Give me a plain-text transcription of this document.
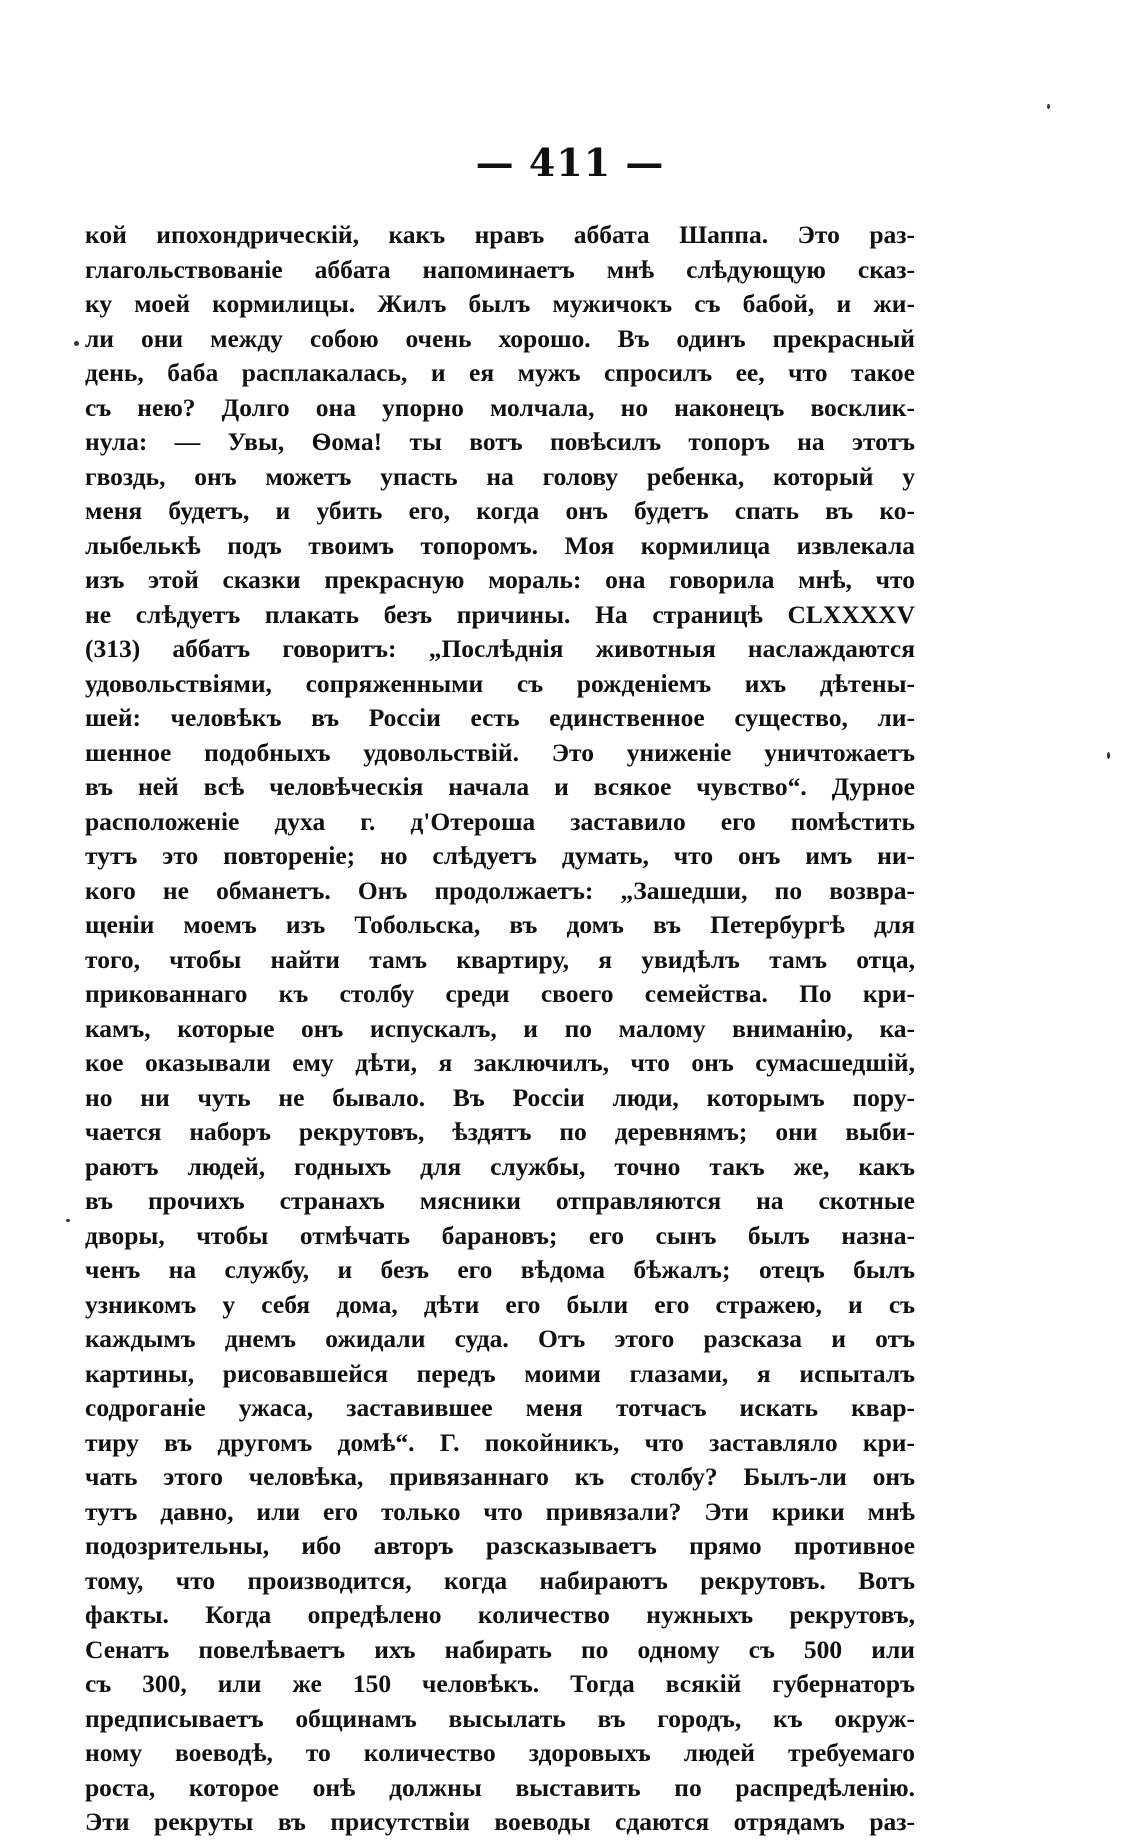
— 411 —
кой ипохондрическій, какъ нравъ аббата Шаппа. Это раз-
глагольствованіе аббата напоминаетъ мнѣ слѣдующую сказ-
ку моей кормилицы. Жилъ былъ мужичокъ съ бабой, и жи-
ли они между собою очень хорошо. Въ одинъ прекрасный
день, баба расплакалась, и ея мужъ спросилъ ее, что такое
съ нею? Долго она упорно молчала, но наконецъ восклик-
нула: — Увы, Ѳома! ты вотъ повѣсилъ топоръ на этотъ
гвоздь, онъ можетъ упасть на голову ребенка, который у
меня будетъ, и убить его, когда онъ будетъ спать въ ко-
лыбелькѣ подъ твоимъ топоромъ. Моя кормилица извлекала
изъ этой сказки прекрасную мораль: она говорила мнѣ, что
не слѣдуетъ плакать безъ причины. На страницѣ CLXXXXV
(313) аббатъ говоритъ: „Послѣднія животныя наслаждаются
удовольствіями, сопряженными съ рожденіемъ ихъ дѣтены-
шей: человѣкъ въ Россіи есть единственное существо, ли-
шенное подобныхъ удовольствій. Это униженіе уничтожаетъ
въ ней всѣ человѣческія начала и всякое чувство“. Дурное
расположеніе духа г. д'Отероша заставило его помѣстить
тутъ это повтореніе; но слѣдуетъ думать, что онъ имъ ни-
кого не обманетъ. Онъ продолжаетъ: „Зашедши, по возвра-
щеніи моемъ изъ Тобольска, въ домъ въ Петербургѣ для
того, чтобы найти тамъ квартиру, я увидѣлъ тамъ отца,
прикованнаго къ столбу среди своего семейства. По кри-
камъ, которые онъ испускалъ, и по малому вниманію, ка-
кое оказывали ему дѣти, я заключилъ, что онъ сумасшедшій,
но ни чуть не бывало. Въ Россіи люди, которымъ пору-
чается наборъ рекрутовъ, ѣздятъ по деревнямъ; они выби-
раютъ людей, годныхъ для службы, точно такъ же, какъ
въ прочихъ странахъ мясники отправляются на скотные
дворы, чтобы отмѣчать барановъ; его сынъ былъ назна-
ченъ на службу, и безъ его вѣдома бѣжалъ; отецъ былъ
узникомъ у себя дома, дѣти его были его стражею, и съ
каждымъ днемъ ожидали суда. Отъ этого разсказа и отъ
картины, рисовавшейся передъ моими глазами, я испыталъ
содроганіе ужаса, заставившее меня тотчасъ искать квар-
тиру въ другомъ домѣ“. Г. покойникъ, что заставляло кри-
чать этого человѣка, привязаннаго къ столбу? Былъ-ли онъ
тутъ давно, или его только что привязали? Эти крики мнѣ
подозрительны, ибо авторъ разсказываетъ прямо противное
тому, что производится, когда набираютъ рекрутовъ. Вотъ
факты. Когда опредѣлено количество нужныхъ рекрутовъ,
Сенатъ повелѣваетъ ихъ набирать по одному съ 500 или
съ 300, или же 150 человѣкъ. Тогда всякій губернаторъ
предписываетъ общинамъ высылать въ городъ, къ окруж-
ному воеводѣ, то количество здоровыхъ людей требуемаго
роста, которое онѣ должны выставить по распредѣленію.
Эти рекруты въ присутствіи воеводы сдаются отрядамъ раз-
